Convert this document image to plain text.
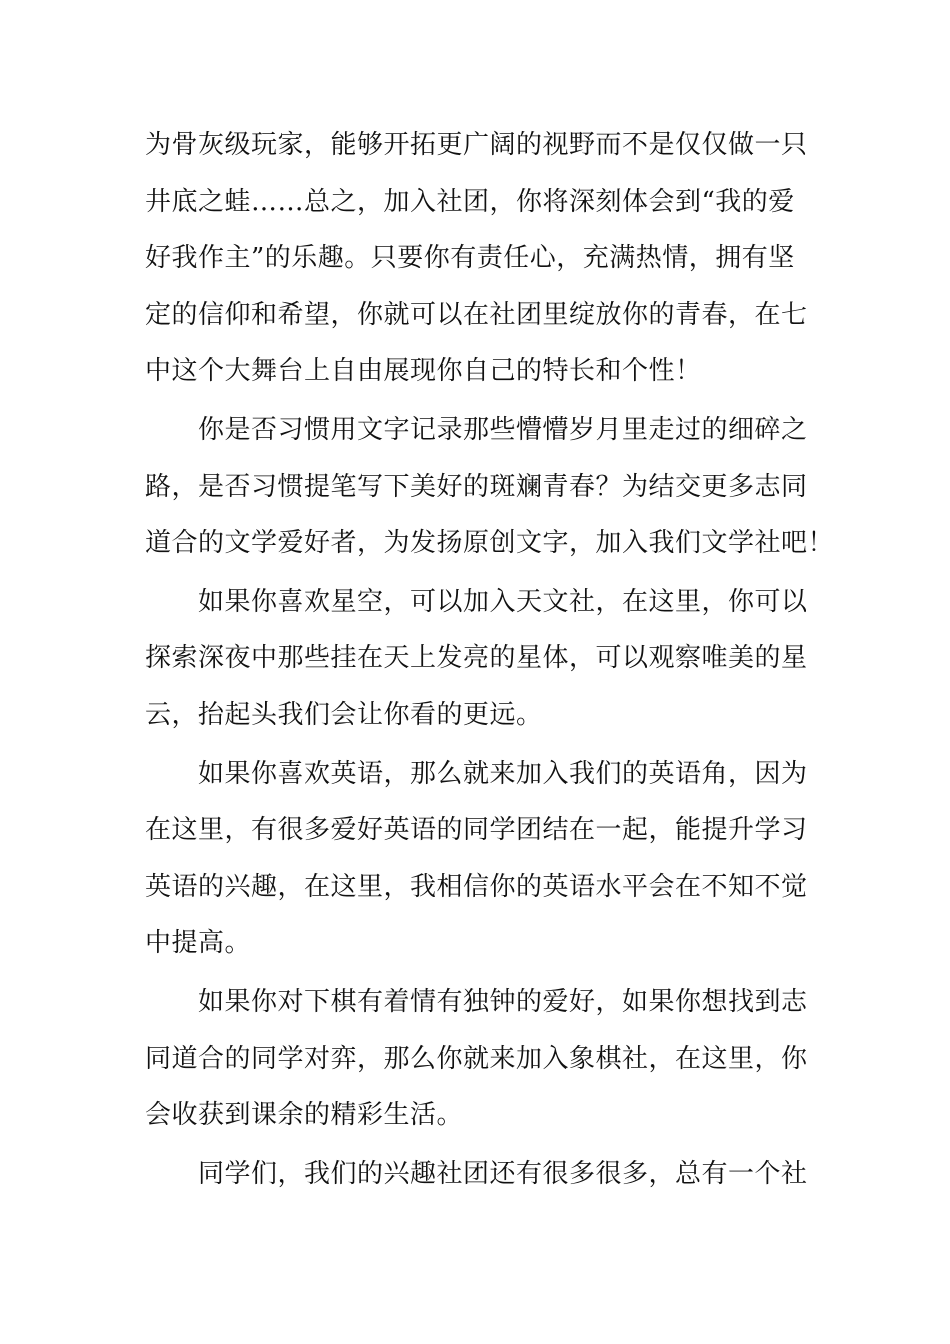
为骨灰级玩家，能够开拓更广阔的视野而不是仅仅做一只
井底之蛙……总之，加入社团，你将深刻体会到“我的爱
好我作主”的乐趣。只要你有责任心，充满热情，拥有坚
定的信仰和希望，你就可以在社团里绽放你的青春，在七
中这个大舞台上自由展现你自己的特长和个性！
你是否习惯用文字记录那些懵懵岁月里走过的细碎之
路，是否习惯提笔写下美好的斑斓青春？为结交更多志同
道合的文学爱好者，为发扬原创文字，加入我们文学社吧！
如果你喜欢星空，可以加入天文社，在这里，你可以
探索深夜中那些挂在天上发亮的星体，可以观察唯美的星
云，抬起头我们会让你看的更远。
如果你喜欢英语，那么就来加入我们的英语角，因为
在这里，有很多爱好英语的同学团结在一起，能提升学习
英语的兴趣，在这里，我相信你的英语水平会在不知不觉
中提高。
如果你对下棋有着情有独钟的爱好，如果你想找到志
同道合的同学对弈，那么你就来加入象棋社，在这里，你
会收获到课余的精彩生活。
同学们，我们的兴趣社团还有很多很多，总有一个社
